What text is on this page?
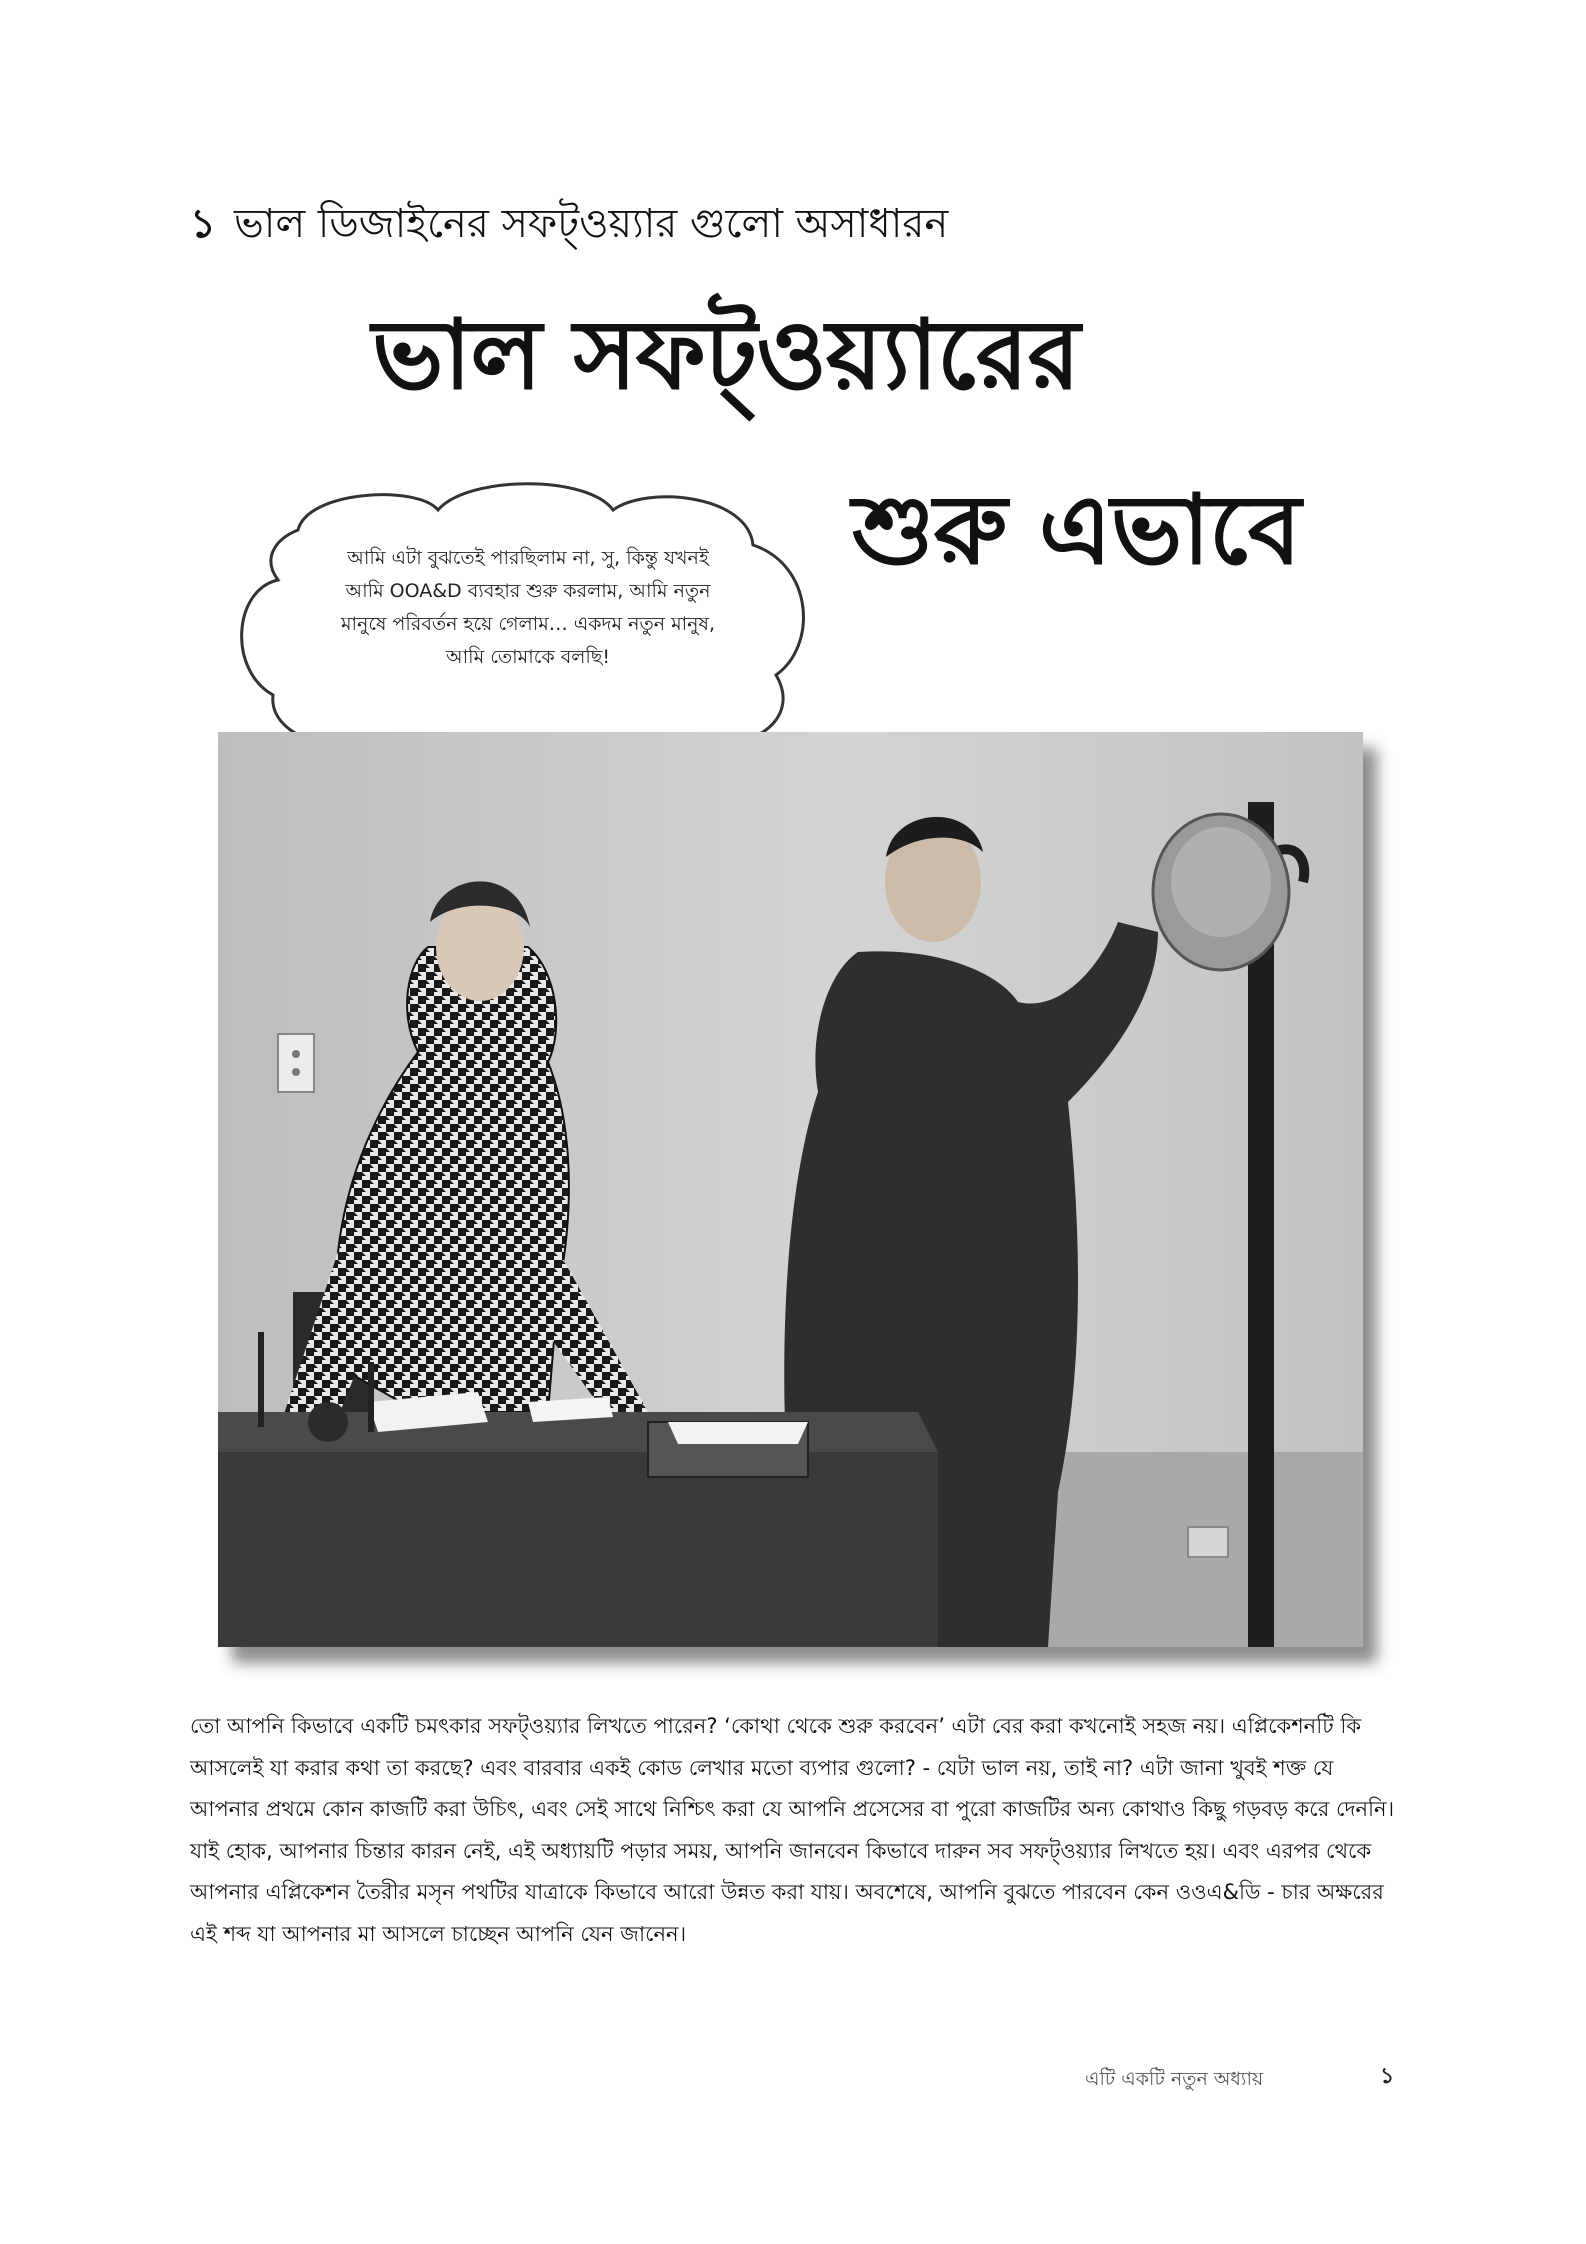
১ ভাল ডিজাইনের সফট্ওয়্যার গুলো অসাধারন
ভাল সফট্ওয়্যারের
শুরু এভাবে
আমি এটা বুঝতেই পারছিলাম না, সু, কিন্তু যখনই আমি OOA&D ব্যবহার শুরু করলাম, আমি নতুন মানুষে পরিবর্তন হয়ে গেলাম… একদম নতুন মানুষ, আমি তোমাকে বলছি!
তো আপনি কিভাবে একটি চমৎকার সফট্ওয়্যার লিখতে পারেন? ‘কোথা থেকে শুরু করবেন’ এটা বের করা কখনোই সহজ নয়। এপ্লিকেশনটি কি আসলেই যা করার কথা তা করছে? এবং বারবার একই কোড লেখার মতো ব্যপার গুলো? - যেটা ভাল নয়, তাই না? এটা জানা খুবই শক্ত যে আপনার প্রথমে কোন কাজটি করা উচিৎ, এবং সেই সাথে নিশ্চিৎ করা যে আপনি প্রসেসের বা পুরো কাজটির অন্য কোথাও কিছু গড়বড় করে দেননি। যাই হোক, আপনার চিন্তার কারন নেই, এই অধ্যায়টি পড়ার সময়, আপনি জানবেন কিভাবে দারুন সব সফট্ওয়্যার লিখতে হয়। এবং এরপর থেকে আপনার এপ্লিকেশন তৈরীর মসৃন পথটির যাত্রাকে কিভাবে আরো উন্নত করা যায়। অবশেষে, আপনি বুঝতে পারবেন কেন ওওএ&ডি - চার অক্ষরের এই শব্দ যা আপনার মা আসলে চাচ্ছেন আপনি যেন জানেন।
এটি একটি নতুন অধ্যায়	১
